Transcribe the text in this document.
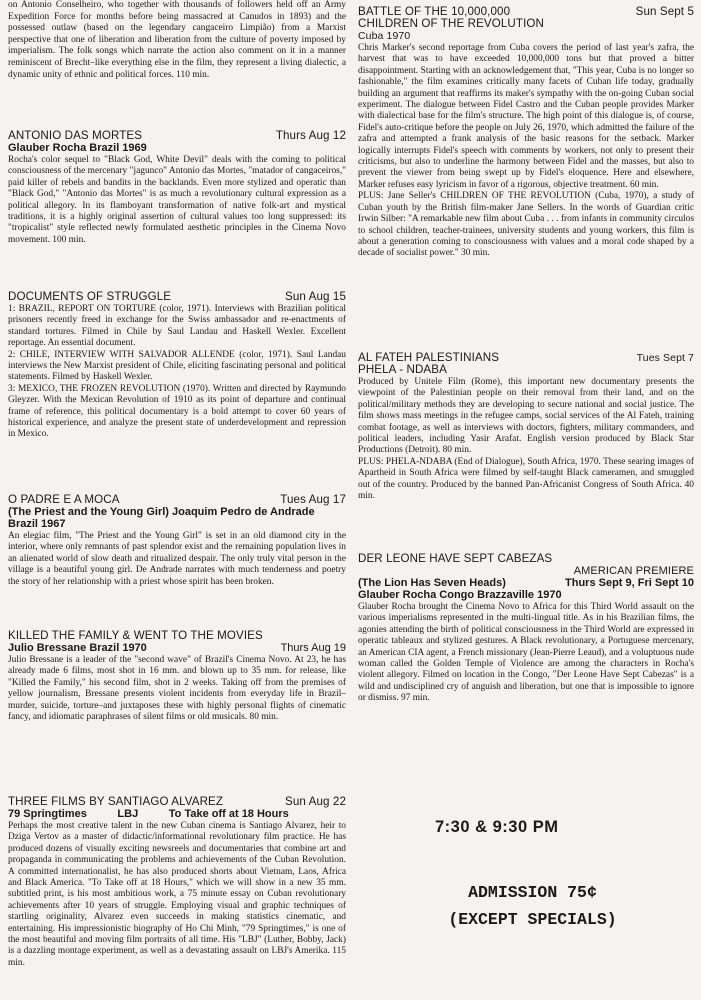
on Antonio Conselheiro, who together with thousands of followers held off an Army Expedition Force for months before being massacred at Canudos in 1893) and the possessed outlaw (based on the legendary cangaceiro Limpião) from a Marxist perspective that one of liberation and liberation from the culture of poverty imposed by imperialism. The folk songs which narrate the action also comment on it in a manner reminiscent of Brecht–like everything else in the film, they represent a living dialectic, a dynamic unity of ethnic and political forces. 110 min.
ANTONIO DAS MORTES	Thurs Aug 12
Glauber Rocha Brazil 1969
Rocha's color sequel to "Black God, White Devil" deals with the coming to political consciousness of the mercenary "jagunco" Antonio das Mortes, "matador of cangaceiros," paid killer of rebels and bandits in the backlands. Even more stylized and operatic than "Black God," "Antonio das Mortes" is as much a revolutionary cultural expression as a political allegory. In its flamboyant transformation of native folk-art and mystical traditions, it is a highly original assertion of cultural values too long suppressed: its "tropicalist" style reflected newly formulated aesthetic principles in the Cinema Novo movement. 100 min.
DOCUMENTS OF STRUGGLE	Sun Aug 15
1: BRAZIL, REPORT ON TORTURE (color, 1971). Interviews with Brazilian political prisoners recently freed in exchange for the Swiss ambassador and re-enactments of standard tortures. Filmed in Chile by Saul Landau and Haskell Wexler. Excellent reportage. An essential document.
2: CHILE, INTERVIEW WITH SALVADOR ALLENDE (color, 1971). Saul Landau interviews the New Marxist president of Chile, eliciting fascinating personal and political statements. Filmed by Haskell Wexler.
3: MEXICO, THE FROZEN REVOLUTION (1970). Written and directed by Raymundo Gleyzer. With the Mexican Revolution of 1910 as its point of departure and continual frame of reference, this political documentary is a bold attempt to cover 60 years of historical experience, and analyze the present state of underdevelopment and repression in Mexico.
O PADRE E A MOCA	Tues Aug 17
(The Priest and the Young Girl) Joaquim Pedro de Andrade
Brazil 1967
An elegiac film, "The Priest and the Young Girl" is set in an old diamond city in the interior, where only remnants of past splendor exist and the remaining population lives in an alienated world of slow death and ritualized despair. The only truly vital person in the village is a beautiful young girl. De Andrade narrates with much tenderness and poetry the story of her relationship with a priest whose spirit has been broken.
KILLED THE FAMILY & WENT TO THE MOVIES
Julio Bressane Brazil 1970	Thurs Aug 19
Julio Bressane is a leader of the "second wave" of Brazil's Cinema Novo. At 23, he has already made 6 films, most shot in 16 mm. and blown up to 35 mm. for release, like "Killed the Family," his second film, shot in 2 weeks. Taking off from the premises of yellow journalism, Bressane presents violent incidents from everyday life in Brazil–murder, suicide, torture–and juxtaposes these with highly personal flights of cinematic fancy, and idiomatic paraphrases of silent films or old musicals. 80 min.
THREE FILMS BY SANTIAGO ALVAREZ	Sun Aug 22
79 Springtimes          LBJ          To Take off at 18 Hours
Perhaps the most creative talent in the new Cuban cinema is Santiago Alvarez, heir to Dziga Vertov as a master of didactic/informational revolutionary film practice. He has produced dozens of visually exciting newsreels and documentaries that combine art and propaganda in communicating the problems and achievements of the Cuban Revolution. A committed internationalist, he has also produced shorts about Vietnam, Laos, Africa and Black America. "To Take off at 18 Hours," which we will show in a new 35 mm. subtitled print, is his most ambitious work, a 75 minute essay on Cuban revolutionary achievements after 10 years of struggle. Employing visual and graphic techniques of startling originality, Alvarez even succeeds in making statistics cinematic, and entertaining. His impressionistic biography of Ho Chi Minh, "79 Springtimes," is one of the most beautiful and moving film portraits of all time. His "LBJ" (Luther, Bobby, Jack) is a dazzling montage experiment, as well as a devastating assault on LBJ's Amerika. 115 min.
BATTLE OF THE 10,000,000	Sun Sept 5
CHILDREN OF THE REVOLUTION
Cuba 1970
Chris Marker's second reportage from Cuba covers the period of last year's zafra, the harvest that was to have exceeded 10,000,000 tons but that proved a bitter disappointment. Starting with an acknowledgement that, "This year, Cuba is no longer so fashionable," the film examines critically many facets of Cuban life today, gradually building an argument that reaffirms its maker's sympathy with the on-going Cuban social experiment. The dialogue between Fidel Castro and the Cuban people provides Marker with dialectical base for the film's structure. The high point of this dialogue is, of course, Fidel's auto-critique before the people on July 26, 1970, which admitted the failure of the zafra and attempted a frank analysis of the basic reasons for the setback. Marker logically interrupts Fidel's speech with comments by workers, not only to present their criticisms, but also to underline the harmony between Fidel and the masses, but also to prevent the viewer from being swept up by Fidel's eloquence. Here and elsewhere, Marker refuses easy lyricism in favor of a rigorous, objective treatment. 60 min.
PLUS: Jane Seller's CHILDREN OF THE REVOLUTION (Cuba, 1970), a study of Cuban youth by the British film-maker Jane Sellers. In the words of Guardian critic Irwin Silber: "A remarkable new film about Cuba . . . from infants in community circulos to school children, teacher-trainees, university students and young workers, this film is about a generation coming to consciousness with values and a moral code shaped by a decade of socialist power." 30 min.
AL FATEH PALESTINIANS	Tues Sept 7
PHELA - NDABA
Produced by Unitele Film (Rome), this important new documentary presents the viewpoint of the Palestinian people on their removal from their land, and on the political/military methods they are developing to secure national and social justice. The film shows mass meetings in the refugee camps, social services of the Al Fateh, training combat footage, as well as interviews with doctors, fighters, military commanders, and political leaders, including Yasir Arafat. English version produced by Black Star Productions (Detroit). 80 min.
PLUS: PHELA-NDABA (End of Dialogue), South Africa, 1970. These searing images of Apartheid in South Africa were filmed by self-taught Black cameramen, and smuggled out of the country. Produced by the banned Pan-Africanist Congress of South Africa. 40 min.
DER LEONE HAVE SEPT CABEZAS
AMERICAN PREMIERE
(The Lion Has Seven Heads)	Thurs Sept 9, Fri Sept 10
Glauber Rocha Congo Brazzaville 1970
Glauber Rocha brought the Cinema Novo to Africa for this Third World assault on the various imperialisms represented in the multi-lingual title. As in his Brazilian films, the agonies attending the birth of political consciousness in the Third World are expressed in operatic tableaux and stylized gestures. A Black revolutionary, a Portuguese mercenary, an American CIA agent, a French missionary (Jean-Pierre Leaud), and a voluptuous nude woman called the Golden Temple of Violence are among the characters in Rocha's violent allegory. Filmed on location in the Congo, "Der Leone Have Sept Cabezas" is a wild and undisciplined cry of anguish and liberation, but one that is impossible to ignore or dismiss. 97 min.
7:30 & 9:30 PM
ADMISSION 75¢
(EXCEPT SPECIALS)
